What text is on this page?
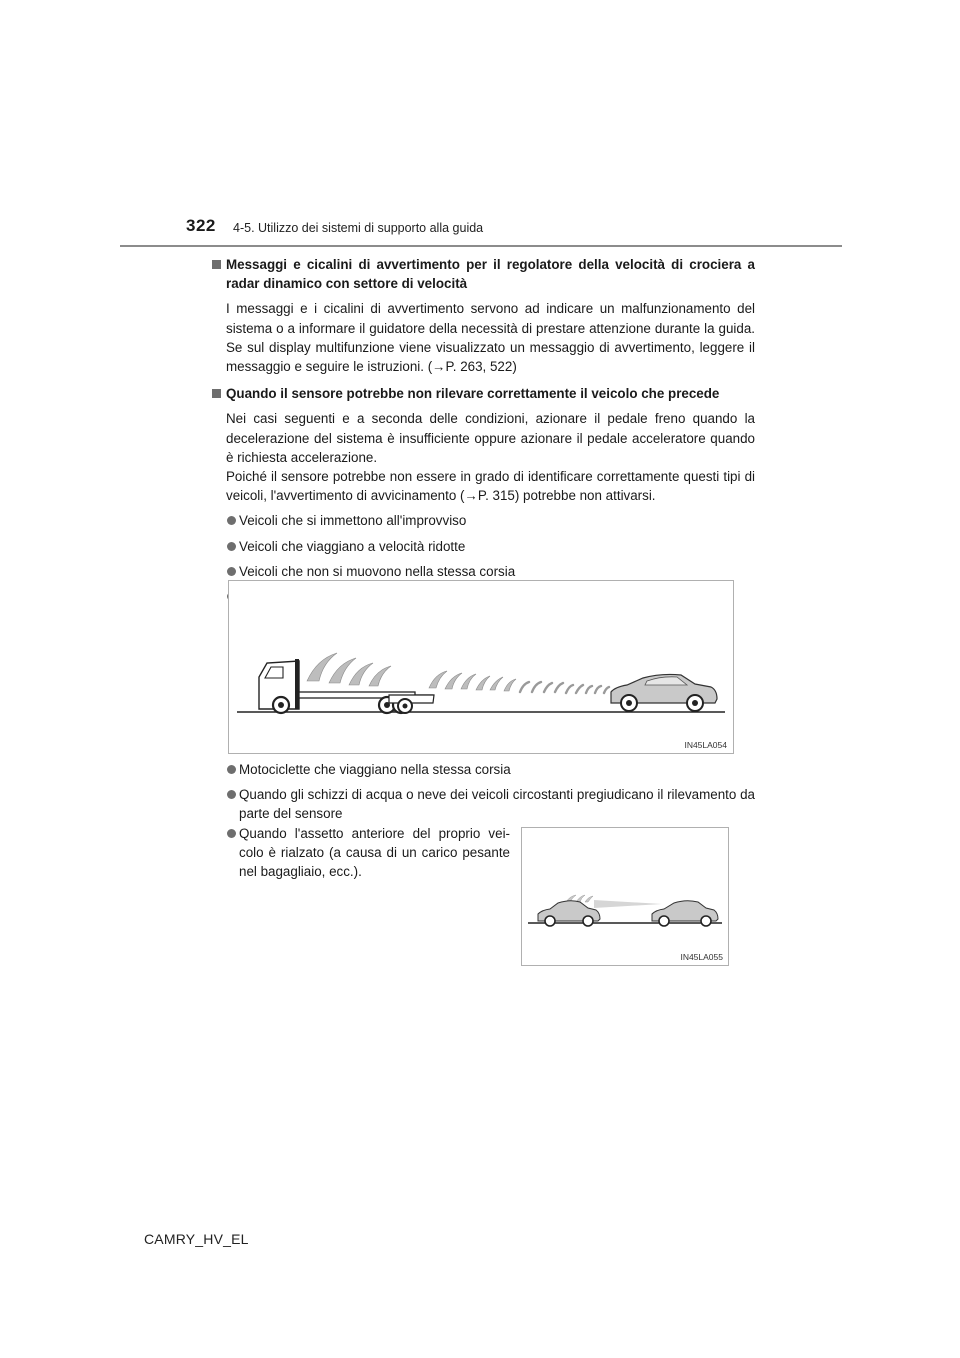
322 4-5. Utilizzo dei sistemi di supporto alla guida
Messaggi e cicalini di avvertimento per il regolatore della velocità di crociera a radar dinamico con settore di velocità

I messaggi e i cicalini di avvertimento servono ad indicare un malfunzionamento del sistema o a informare il guidatore della necessità di prestare attenzione durante la guida. Se sul display multifunzione viene visualizzato un messaggio di avvertimento, leggere il messaggio e seguire le istruzioni. (→P. 263, 522)

Quando il sensore potrebbe non rilevare correttamente il veicolo che precede

Nei casi seguenti e a seconda delle condizioni, azionare il pedale freno quando la decelerazione del sistema è insufficiente oppure azionare il pedale acceleratore quando è richiesta accelerazione.

Poiché il sensore potrebbe non essere in grado di identificare correttamente questi tipi di veicoli, l'avvertimento di avvicinamento (→P. 315) potrebbe non attivarsi.

Veicoli che si immettono all'improvviso
Veicoli che viaggiano a velocità ridotte
Veicoli che non si muovono nella stessa corsia
IN45LA054
Motociclette che viaggiano nella stessa corsia
Quando gli schizzi di acqua o neve dei veicoli circostanti pregiudicano il rilevamento da parte del sensore
Quando l'assetto anteriore del proprio vei-colo è rialzato (a causa di un carico pesante nel bagagliaio, ecc.).
IN45LA055
CAMRY_HV_EL
